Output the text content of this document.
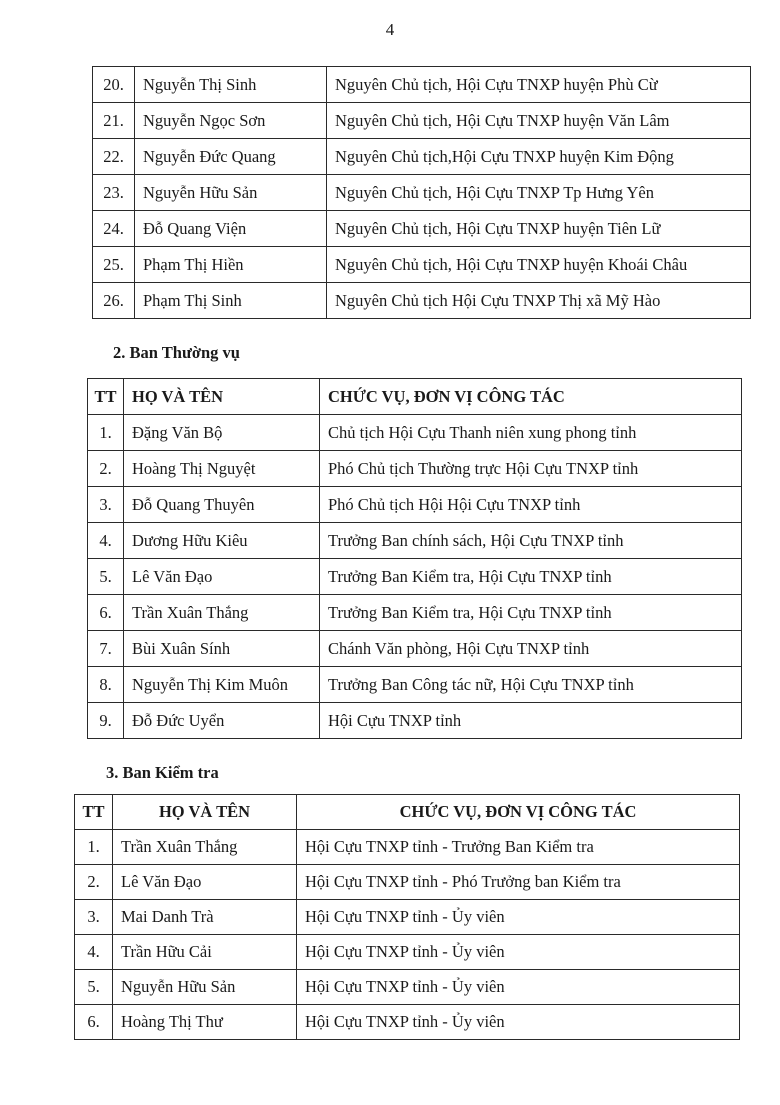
4
20.	Nguyễn Thị Sinh	Nguyên Chủ tịch, Hội Cựu TNXP huyện Phù Cừ
21.	Nguyễn Ngọc Sơn	Nguyên Chủ tịch, Hội Cựu TNXP huyện Văn Lâm
22.	Nguyễn Đức Quang	Nguyên Chủ tịch,Hội Cựu TNXP huyện Kim Động
23.	Nguyễn Hữu Sản	Nguyên Chủ tịch, Hội Cựu TNXP Tp Hưng Yên
24.	Đỗ Quang Viện	Nguyên Chủ tịch, Hội Cựu TNXP huyện Tiên Lữ
25.	Phạm Thị Hiền	Nguyên Chủ tịch, Hội Cựu TNXP huyện Khoái Châu
26.	Phạm Thị Sinh	Nguyên Chủ tịch Hội Cựu TNXP Thị xã Mỹ Hào
2. Ban Thường vụ
TT	HỌ VÀ TÊN	CHỨC VỤ, ĐƠN VỊ CÔNG TÁC
1.	Đặng Văn Bộ	Chủ tịch Hội Cựu Thanh niên xung phong tỉnh
2.	Hoàng Thị Nguyệt	Phó Chủ tịch Thường trực Hội Cựu TNXP tỉnh
3.	Đỗ Quang Thuyên	Phó Chủ tịch Hội Hội Cựu TNXP tỉnh
4.	Dương Hữu Kiêu	Trưởng Ban chính sách, Hội Cựu TNXP tỉnh
5.	Lê Văn Đạo	Trưởng Ban Kiểm tra, Hội Cựu TNXP tỉnh
6.	Trần Xuân Thắng	Trưởng Ban Kiểm tra, Hội Cựu TNXP tỉnh
7.	Bùi Xuân Sính	Chánh Văn phòng, Hội Cựu TNXP tỉnh
8.	Nguyễn Thị Kim Muôn	Trưởng Ban Công tác nữ, Hội Cựu TNXP tỉnh
9.	Đỗ Đức Uyển	Hội Cựu TNXP tỉnh
3. Ban Kiểm tra
TT	HỌ VÀ TÊN	CHỨC VỤ, ĐƠN VỊ CÔNG TÁC
1.	Trần Xuân Thắng	Hội Cựu TNXP tỉnh - Trưởng Ban Kiểm tra
2.	Lê Văn Đạo	Hội Cựu TNXP tỉnh - Phó Trưởng ban Kiểm tra
3.	Mai Danh Trà	Hội Cựu TNXP tỉnh - Ủy viên
4.	Trần Hữu Cải	Hội Cựu TNXP tỉnh - Ủy viên
5.	Nguyễn Hữu Sản	Hội Cựu TNXP tỉnh - Ủy viên
6.	Hoàng Thị Thư	Hội Cựu TNXP tỉnh - Ủy viên
